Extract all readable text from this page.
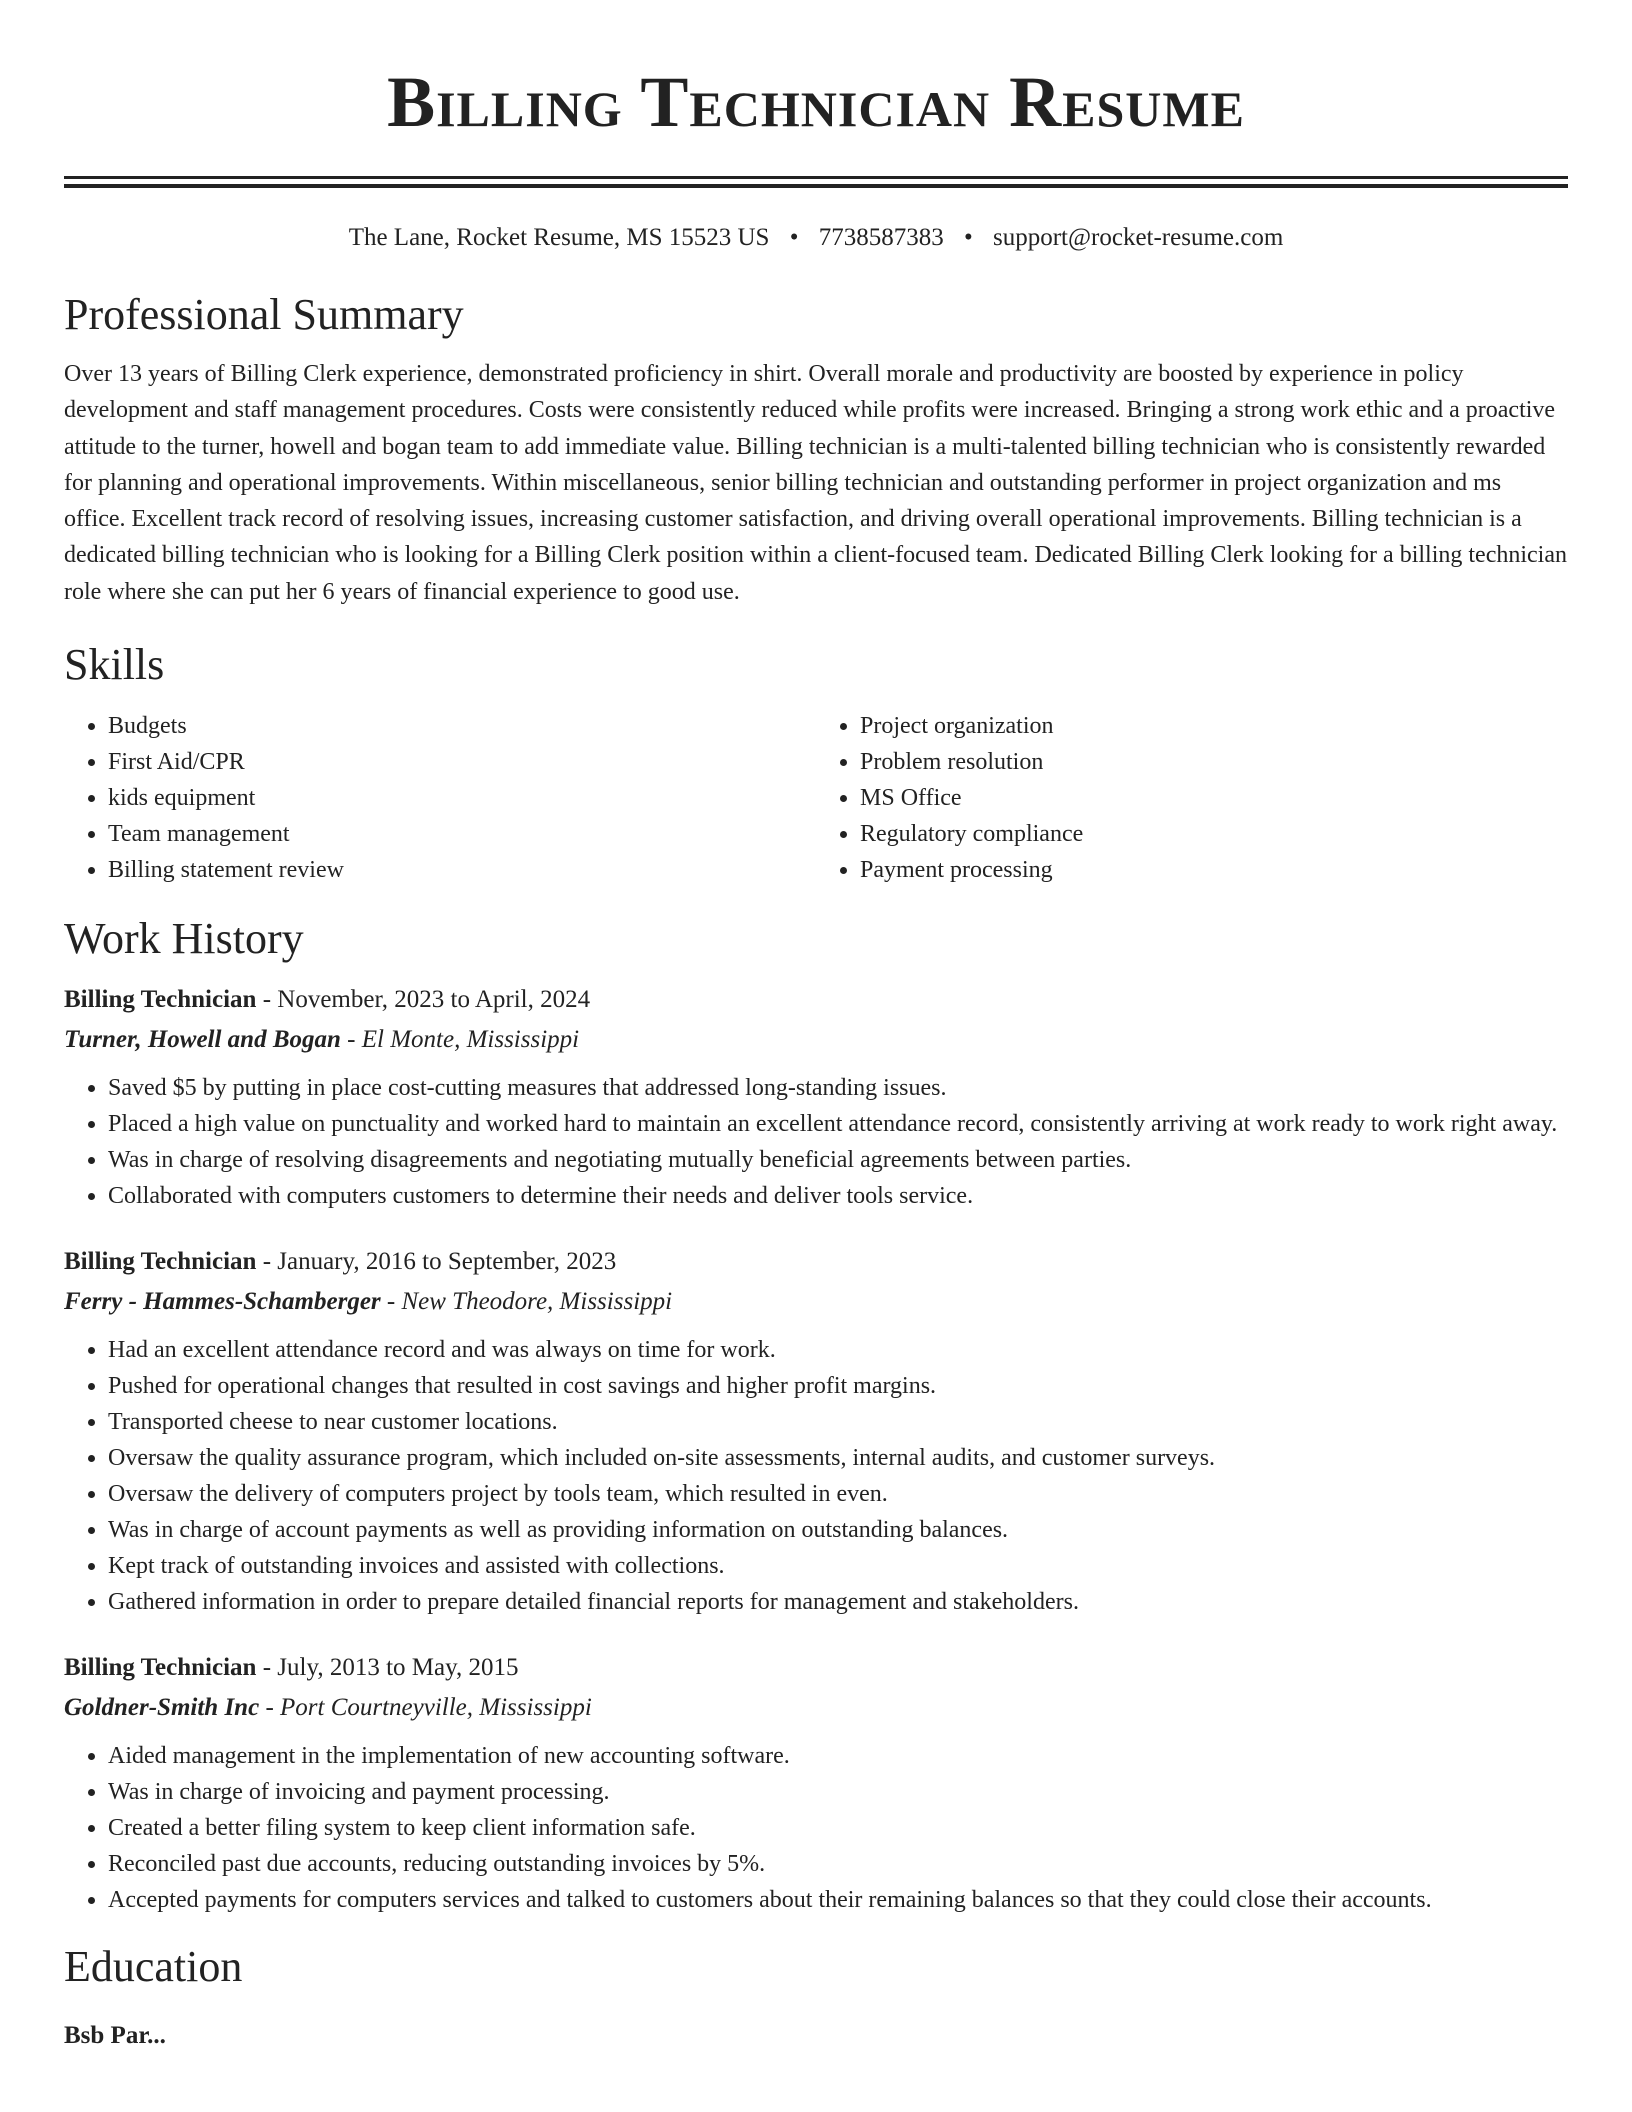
Billing Technician Resume
The Lane, Rocket Resume, MS 15523 US • 7738587383 • support@rocket-resume.com
Professional Summary

Over 13 years of Billing Clerk experience, demonstrated proficiency in shirt. Overall morale and productivity are boosted by experience in policy development and staff management procedures. Costs were consistently reduced while profits were increased. Bringing a strong work ethic and a proactive attitude to the turner, howell and bogan team to add immediate value. Billing technician is a multi-talented billing technician who is consistently rewarded for planning and operational improvements. Within miscellaneous, senior billing technician and outstanding performer in project organization and ms office. Excellent track record of resolving issues, increasing customer satisfaction, and driving overall operational improvements. Billing technician is a dedicated billing technician who is looking for a Billing Clerk position within a client-focused team. Dedicated Billing Clerk looking for a billing technician role where she can put her 6 years of financial experience to good use.

Skills
• Budgets
• First Aid/CPR
• kids equipment
• Team management
• Billing statement review
• Project organization
• Problem resolution
• MS Office
• Regulatory compliance
• Payment processing
Work History
Billing Technician - November, 2023 to April, 2024
Turner, Howell and Bogan - El Monte, Mississippi
• Saved $5 by putting in place cost-cutting measures that addressed long-standing issues.
• Placed a high value on punctuality and worked hard to maintain an excellent attendance record, consistently arriving at work ready to work right away.
• Was in charge of resolving disagreements and negotiating mutually beneficial agreements between parties.
• Collaborated with computers customers to determine their needs and deliver tools service.
Billing Technician - January, 2016 to September, 2023
Ferry - Hammes-Schamberger - New Theodore, Mississippi
• Had an excellent attendance record and was always on time for work.
• Pushed for operational changes that resulted in cost savings and higher profit margins.
• Transported cheese to near customer locations.
• Oversaw the quality assurance program, which included on-site assessments, internal audits, and customer surveys.
• Oversaw the delivery of computers project by tools team, which resulted in even.
• Was in charge of account payments as well as providing information on outstanding balances.
• Kept track of outstanding invoices and assisted with collections.
• Gathered information in order to prepare detailed financial reports for management and stakeholders.
Billing Technician - July, 2013 to May, 2015
Goldner-Smith Inc - Port Courtneyville, Mississippi
• Aided management in the implementation of new accounting software.
• Was in charge of invoicing and payment processing.
• Created a better filing system to keep client information safe.
• Reconciled past due accounts, reducing outstanding invoices by 5%.
• Accepted payments for computers services and talked to customers about their remaining balances so that they could close their accounts.
Education
Bsb Par...
